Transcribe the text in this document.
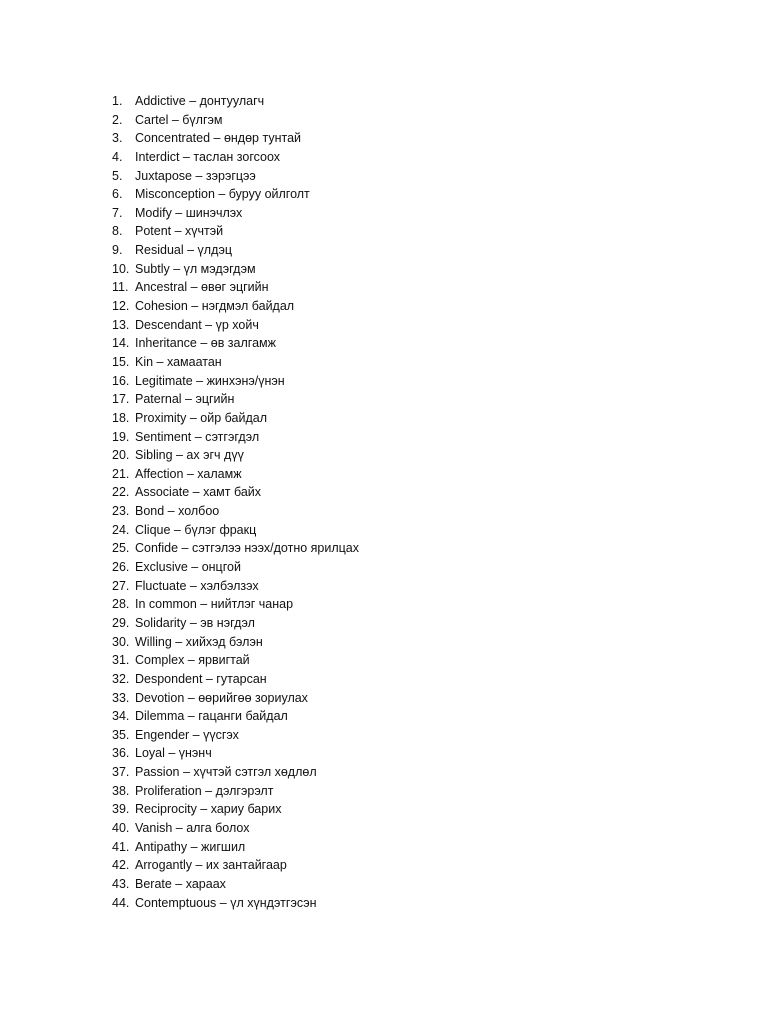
1.	Addictive – донтуулагч
2.	Cartel – бүлгэм
3.	Concentrated – өндөр тунтай
4.	Interdict – таслан зогсоох
5.	Juxtapose – зэрэгцээ
6.	Misconception – буруу ойлголт
7.	Modify – шинэчлэх
8.	Potent – хүчтэй
9.	Residual – үлдэц
10. Subtly – үл мэдэгдэм
11. Ancestral – өвөг эцгийн
12. Cohesion – нэгдмэл байдал
13. Descendant – үр хойч
14. Inheritance – өв залгамж
15. Kin – хамаатан
16. Legitimate – жинхэнэ/үнэн
17. Paternal – эцгийн
18. Proximity – ойр байдал
19. Sentiment – сэтгэгдэл
20. Sibling – ах эгч дүү
21. Affection – халамж
22. Associate – хамт байх
23. Bond – холбоо
24. Clique – бүлэг фракц
25. Confide – сэтгэлээ нээх/дотно ярилцах
26. Exclusive – онцгой
27. Fluctuate – хэлбэлзэх
28. In common – нийтлэг чанар
29. Solidarity – эв нэгдэл
30. Willing – хийхэд бэлэн
31. Complex – ярвигтай
32. Despondent – гутарсан
33. Devotion – өөрийгөө зориулах
34. Dilemma – гацанги байдал
35. Engender – үүсгэх
36. Loyal – үнэнч
37. Passion – хүчтэй сэтгэл хөдлөл
38. Proliferation – дэлгэрэлт
39. Reciprocity – хариу барих
40. Vanish – алга болох
41. Antipathy – жигшил
42. Arrogantly – их зантайгаар
43. Berate – хараах
44. Contemptuous – үл хүндэтгэсэн
